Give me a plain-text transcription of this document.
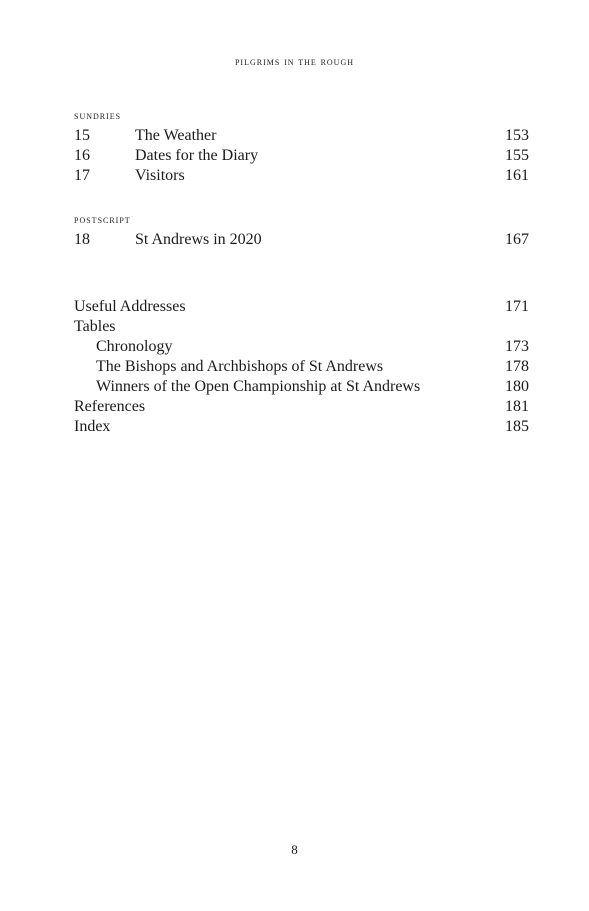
pilgrims in the rough
sundries
15	The Weather	153
16	Dates for the Diary	155
17	Visitors	161
postscript
18	St Andrews in 2020	167
Useful Addresses	171
Tables
Chronology	173
The Bishops and Archbishops of St Andrews	178
Winners of the Open Championship at St Andrews	180
References	181
Index	185
8
